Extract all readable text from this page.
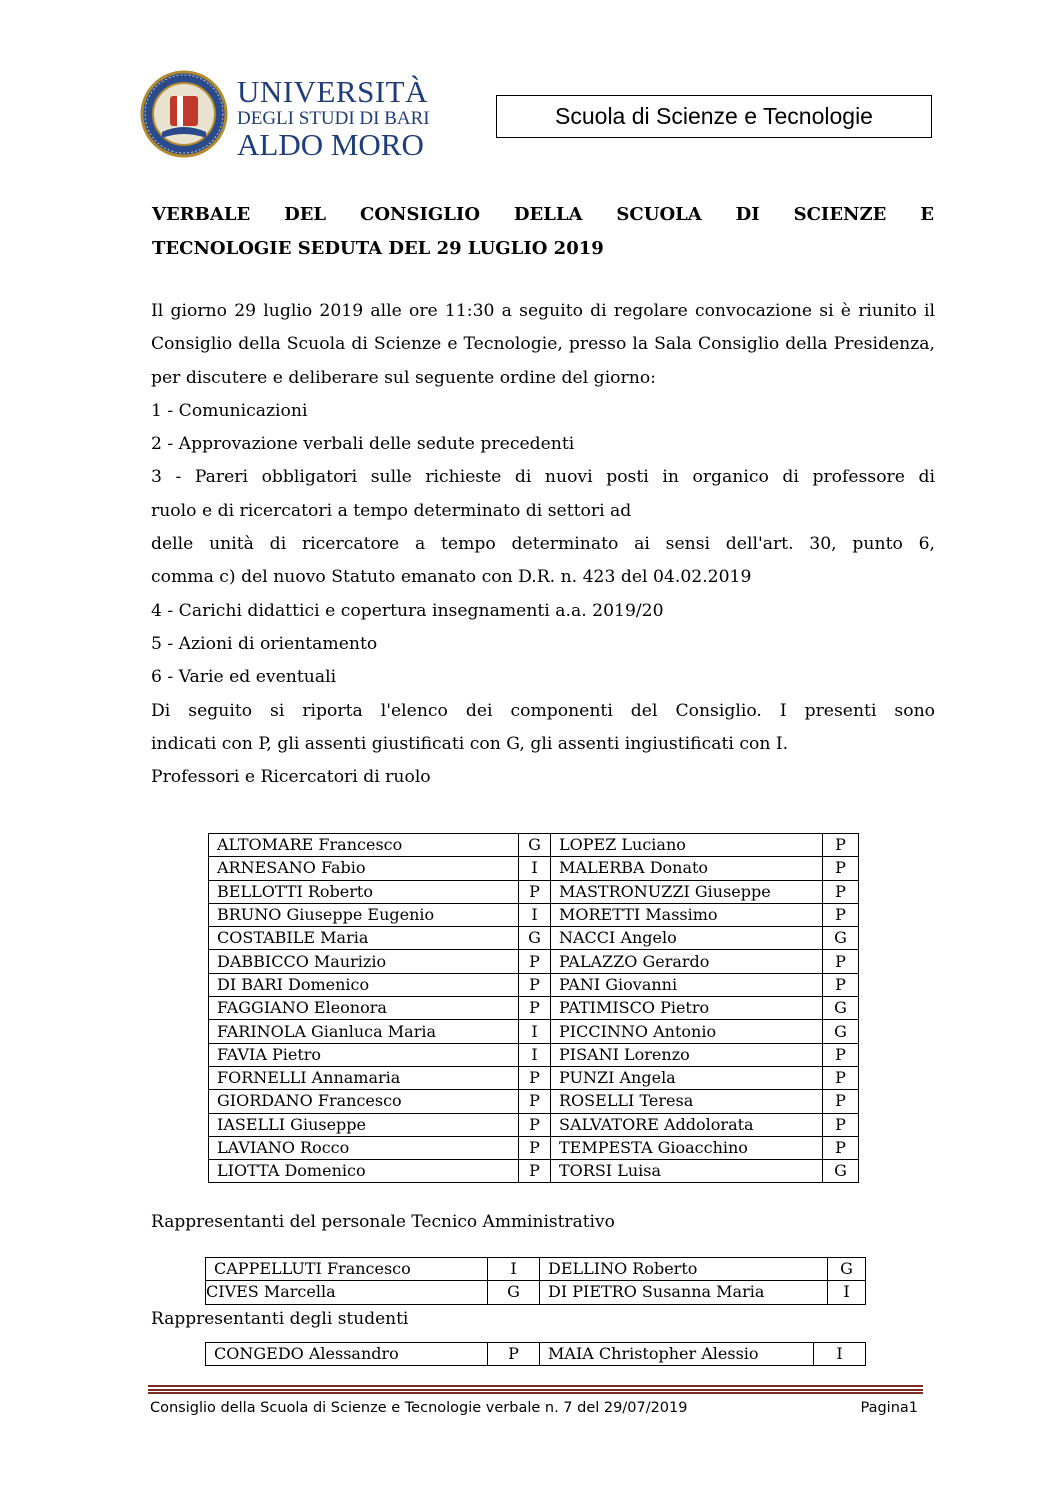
UNIVERSITÀ
DEGLI STUDI DI BARI
ALDO MORO
Scuola di Scienze e Tecnologie
VERBALE DEL CONSIGLIO DELLA SCUOLA DI SCIENZE E
TECNOLOGIE SEDUTA DEL 29 LUGLIO 2019

Il giorno 29 luglio 2019 alle ore 11:30 a seguito di regolare convocazione si è riunito il Consiglio della Scuola di Scienze e Tecnologie, presso la Sala Consiglio della Presidenza, per discutere e deliberare sul seguente ordine del giorno:

1 - Comunicazioni

2 - Approvazione verbali delle sedute precedenti

3 - Pareri obbligatori sulle richieste di nuovi posti in organico di professore di
ruolo e di ricercatori a tempo determinato di settori ad
delle unità di ricercatore a tempo determinato ai sensi dell'art. 30, punto 6,
comma c) del nuovo Statuto emanato con D.R. n. 423 del 04.02.2019

4 - Carichi didattici e copertura insegnamenti a.a. 2019/20

5 - Azioni di orientamento

6 - Varie ed eventuali

Di seguito si riporta l'elenco dei componenti del Consiglio. I presenti sono
indicati con P, gli assenti giustificati con G, gli assenti ingiustificati con I.

Professori e Ricercatori di ruolo

ALTOMARE Francesco	G	LOPEZ Luciano	P
ARNESANO Fabio	I	MALERBA Donato	P
BELLOTTI Roberto	P	MASTRONUZZI Giuseppe	P
BRUNO Giuseppe Eugenio	I	MORETTI Massimo	P
COSTABILE Maria	G	NACCI Angelo	G
DABBICCO Maurizio	P	PALAZZO Gerardo	P
DI BARI Domenico	P	PANI Giovanni	P
FAGGIANO Eleonora	P	PATIMISCO Pietro	G
FARINOLA Gianluca Maria	I	PICCINNO Antonio	G
FAVIA Pietro	I	PISANI Lorenzo	P
FORNELLI Annamaria	P	PUNZI Angela	P
GIORDANO Francesco	P	ROSELLI Teresa	P
IASELLI Giuseppe	P	SALVATORE Addolorata	P
LAVIANO Rocco	P	TEMPESTA Gioacchino	P
LIOTTA Domenico	P	TORSI Luisa	G
Rappresentanti del personale Tecnico Amministrativo
CAPPELLUTI Francesco	I	DELLINO Roberto	G
CIVES Marcella	G	DI PIETRO Susanna Maria	I
Rappresentanti degli studenti
CONGEDO Alessandro	P	MAIA Christopher Alessio	I
Consiglio della Scuola di Scienze e Tecnologie verbale n. 7 del 29/07/2019	Pagina1
